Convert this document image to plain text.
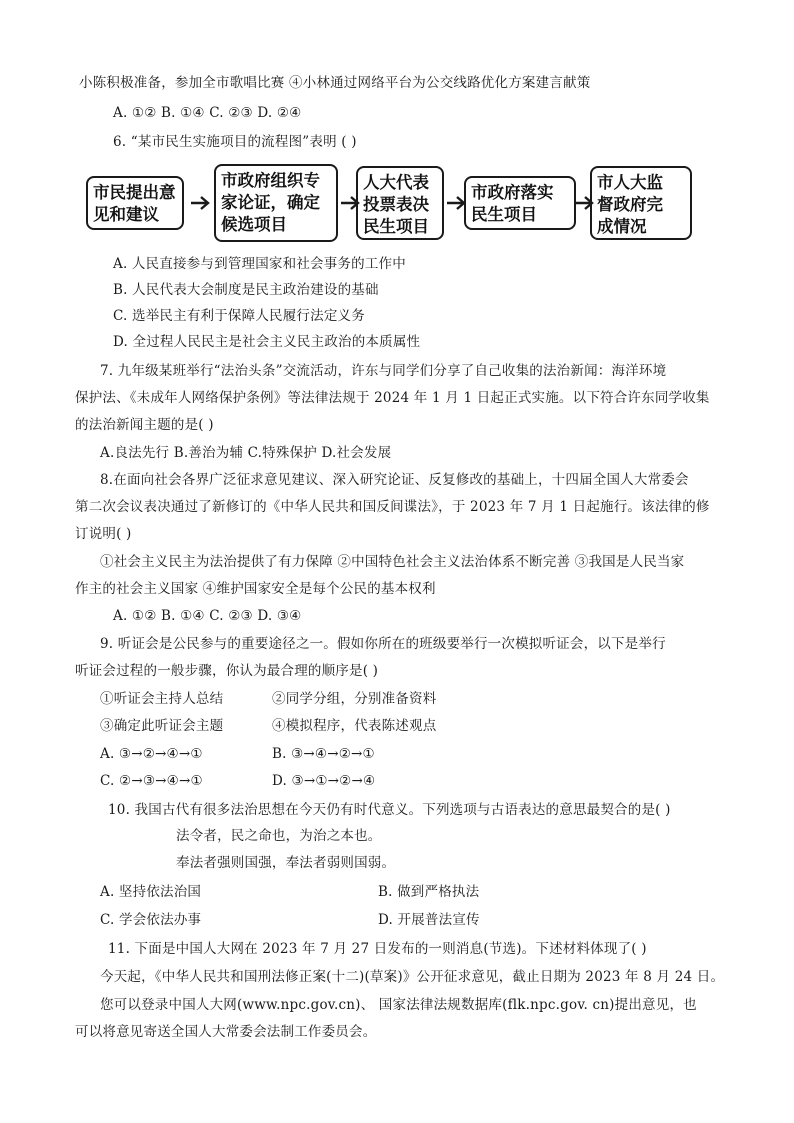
小陈积极准备，参加全市歌唱比赛 ④小林通过网络平台为公交线路优化方案建言献策
A. ①② B. ①④ C. ②③ D. ②④
6. “某市民生实施项目的流程图”表明 ( )
市民提出意
见和建议
市政府组织专
家论证，确定
候选项目
人大代表
投票表决
民生项目
市政府落实
民生项目
市人大监
督政府完
成情况
A. 人民直接参与到管理国家和社会事务的工作中
B. 人民代表大会制度是民主政治建设的基础
C. 选举民主有利于保障人民履行法定义务
D. 全过程人民民主是社会主义民主政治的本质属性
7. 九年级某班举行“法治头条”交流活动，许东与同学们分享了自己收集的法治新闻：海洋环境
保护法、《未成年人网络保护条例》等法律法规于 2024 年 1 月 1 日起正式实施。以下符合许东同学收集
的法治新闻主题的是( )
A.良法先行 B.善治为辅 C.特殊保护 D.社会发展
8.在面向社会各界广泛征求意见建议、深入研究论证、反复修改的基础上，十四届全国人大常委会
第二次会议表决通过了新修订的《中华人民共和国反间谍法》，于 2023 年 7 月 1 日起施行。该法律的修
订说明( )
①社会主义民主为法治提供了有力保障 ②中国特色社会主义法治体系不断完善 ③我国是人民当家
作主的社会主义国家 ④维护国家安全是每个公民的基本权利
A. ①② B. ①④ C. ②③ D. ③④
9. 听证会是公民参与的重要途径之一。假如你所在的班级要举行一次模拟听证会，以下是举行
听证会过程的一般步骤，你认为最合理的顺序是( )
①听证会主持人总结	②同学分组，分别准备资料
③确定此听证会主题	④模拟程序，代表陈述观点
A. ③→②→④→①	B. ③→④→②→①
C. ②→③→④→①	D. ③→①→②→④
10. 我国古代有很多法治思想在今天仍有时代意义。下列选项与古语表达的意思最契合的是( )
法令者，民之命也，为治之本也。
奉法者强则国强，奉法者弱则国弱。
A. 坚持依法治国	B. 做到严格执法
C. 学会依法办事	D. 开展普法宣传
11. 下面是中国人大网在 2023 年 7 月 27 日发布的一则消息(节选)。下述材料体现了( )
今天起，《中华人民共和国刑法修正案(十二)(草案)》公开征求意见，截止日期为 2023 年 8 月 24 日。
您可以登录中国人大网(www.npc.gov.cn)、 国家法律法规数据库(flk.npc.gov. cn)提出意见，也
可以将意见寄送全国人大常委会法制工作委员会。
